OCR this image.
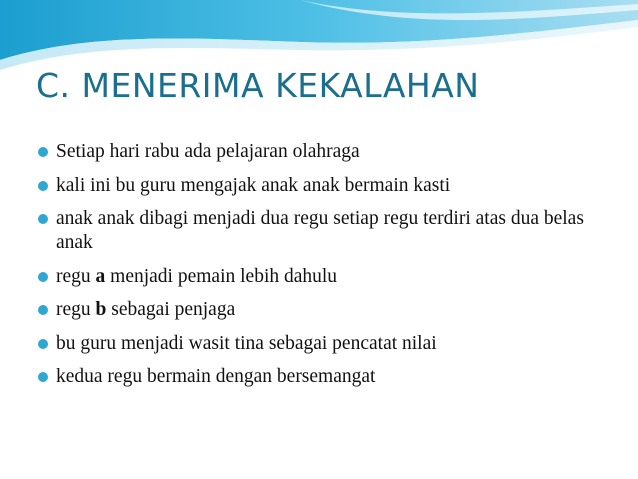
C. MENERIMA KEKALAHAN
Setiap hari rabu ada pelajaran olahraga
kali ini bu guru mengajak anak anak bermain kasti
anak anak dibagi menjadi dua regu setiap regu terdiri atas dua belas anak
regu a menjadi pemain lebih dahulu
regu b sebagai penjaga
bu guru menjadi wasit tina sebagai pencatat nilai
kedua regu bermain dengan bersemangat
